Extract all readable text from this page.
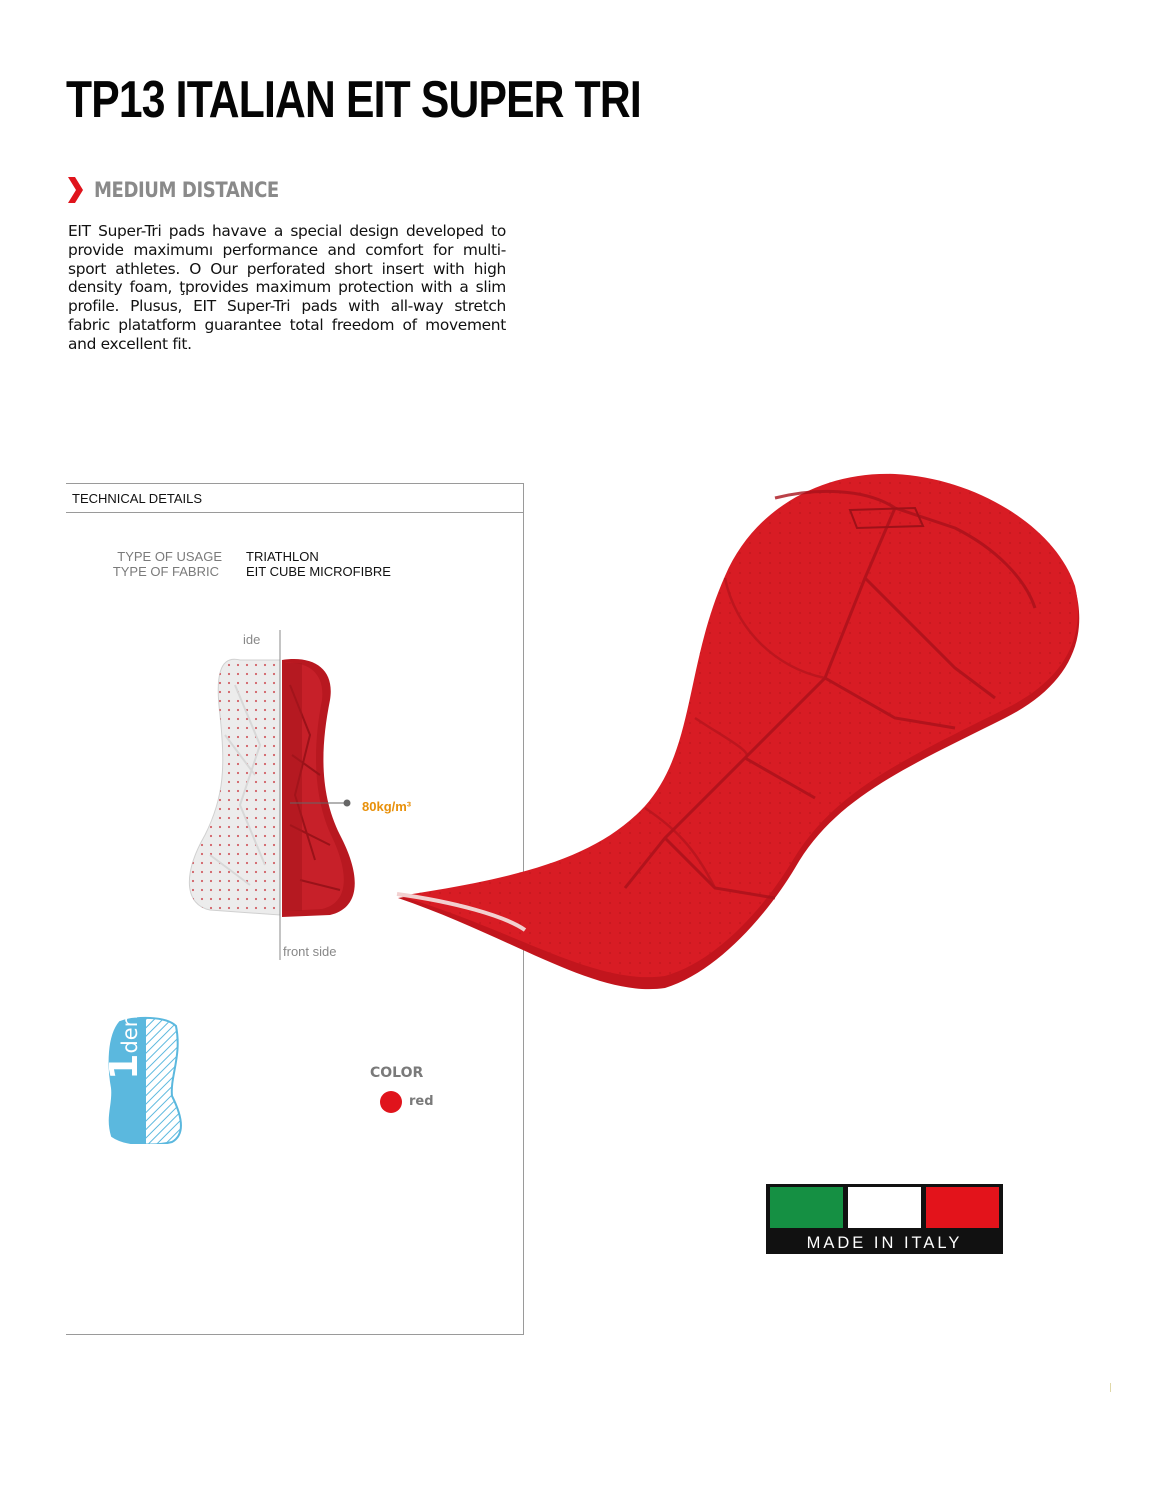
TP13 ITALIAN EIT SUPER TRI
MEDIUM DISTANCE

EIT Super-Tri pads havave a special design developed to provide maximumı performance and comfort for multi-sport athletes. O Our perforated short insert with high density foam, ţprovides maximum protection with a slim profile. Plusus, EIT Super-Tri pads with all-way stretch fabric platatform guarantee total freedom of movement and excellent fit.

TECHNICAL DETAILS
TYPE OF USAGE TRIATHLON
TYPE OF FABRIC EIT CUBE MICROFIBRE
ide
front side
80kg/m³
1density
COLOR
red
MADE IN ITALY
